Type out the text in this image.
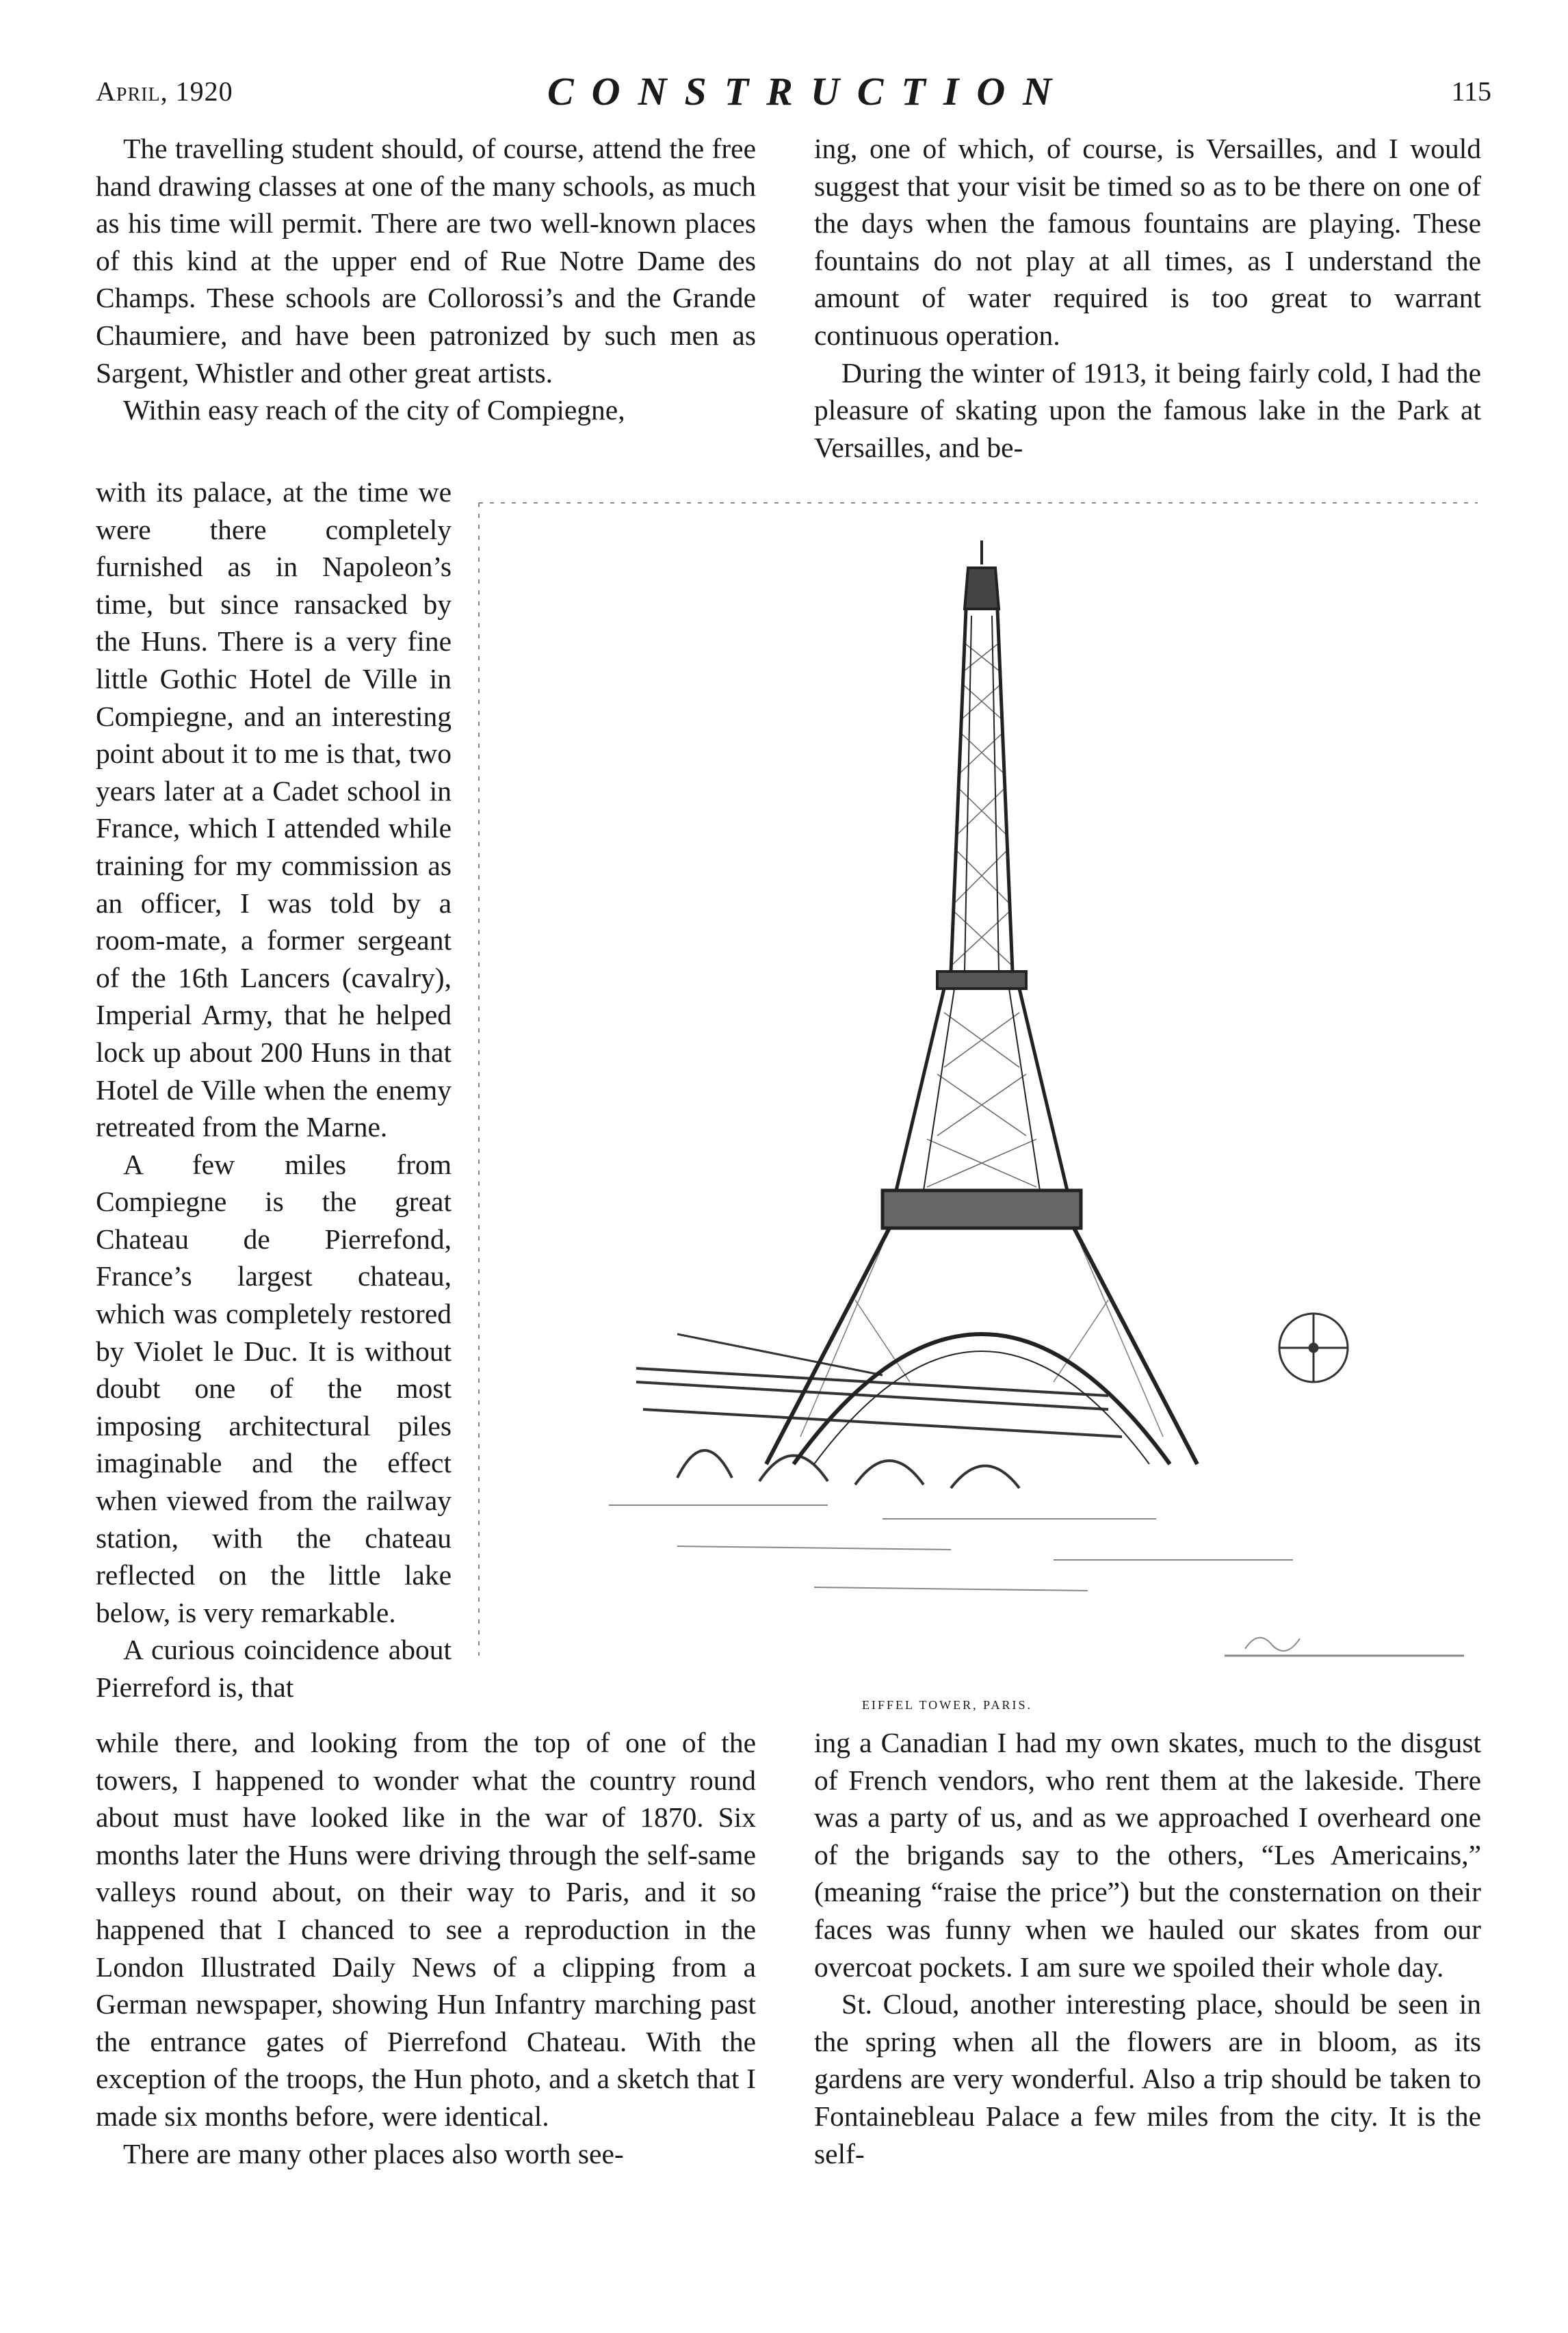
April, 1920	CONSTRUCTION	115

The travelling student should, of course, attend the free hand drawing classes at one of the many schools, as much as his time will permit. There are two well-known places of this kind at the upper end of Rue Notre Dame des Champs. These schools are Collorossi’s and the Grande Chaumiere, and have been patronized by such men as Sargent, Whistler and other great artists.

Within easy reach of the city of Compiegne,

with its palace, at the time we were there completely furnished as in Napoleon’s time, but since ransacked by the Huns. There is a very fine little Gothic Hotel de Ville in Compiegne, and an interesting point about it to me is that, two years later at a Cadet school in France, which I attended while training for my commission as an officer, I was told by a room-mate, a former sergeant of the 16th Lancers (cavalry), Imperial Army, that he helped lock up about 200 Huns in that Hotel de Ville when the enemy retreated from the Marne.

A few miles from Compiegne is the great Chateau de Pierrefond, France’s largest chateau, which was completely restored by Violet le Duc. It is without doubt one of the most imposing architectural piles imaginable and the effect when viewed from the railway station, with the chateau reflected on the little lake below, is very remarkable.

A curious coincidence about Pierreford is, that

while there, and looking from the top of one of the towers, I happened to wonder what the country round about must have looked like in the war of 1870. Six months later the Huns were driving through the self-same valleys round about, on their way to Paris, and it so happened that I chanced to see a reproduction in the London Illustrated Daily News of a clipping from a German newspaper, showing Hun Infantry marching past the entrance gates of Pierrefond Chateau. With the exception of the troops, the Hun photo, and a sketch that I made six months before, were identical.

There are many other places also worth see-

ing, one of which, of course, is Versailles, and I would suggest that your visit be timed so as to be there on one of the days when the famous fountains are playing. These fountains do not play at all times, as I understand the amount of water required is too great to warrant continuous operation.

During the winter of 1913, it being fairly cold, I had the pleasure of skating upon the famous lake in the Park at Versailles, and be-

ing a Canadian I had my own skates, much to the disgust of French vendors, who rent them at the lakeside. There was a party of us, and as we approached I overheard one of the brigands say to the others, “Les Americains,” (meaning “raise the price”) but the consternation on their faces was funny when we hauled our skates from our overcoat pockets. I am sure we spoiled their whole day.

St. Cloud, another interesting place, should be seen in the spring when all the flowers are in bloom, as its gardens are very wonderful. Also a trip should be taken to Fontainebleau Palace a few miles from the city. It is the self-

EIFFEL TOWER, PARIS.
